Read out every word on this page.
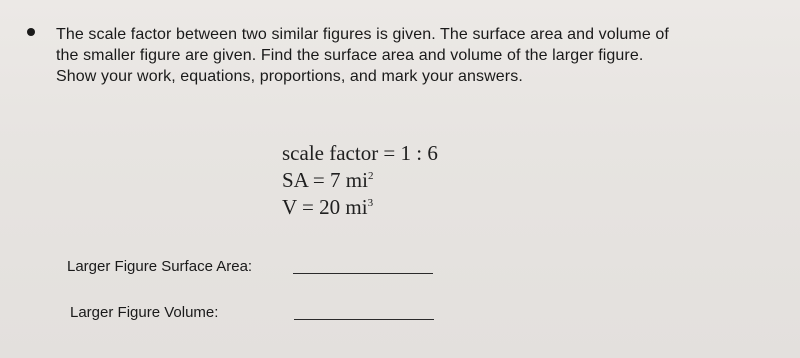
The scale factor between two similar figures is given. The surface area and volume of
the smaller figure are given. Find the surface area and volume of the larger figure.
Show your work, equations, proportions, and mark your answers.
scale factor = 1 : 6
SA = 7 $mi^2$
V = 20 $mi^3$
Larger Figure Surface Area:
Larger Figure Volume:
